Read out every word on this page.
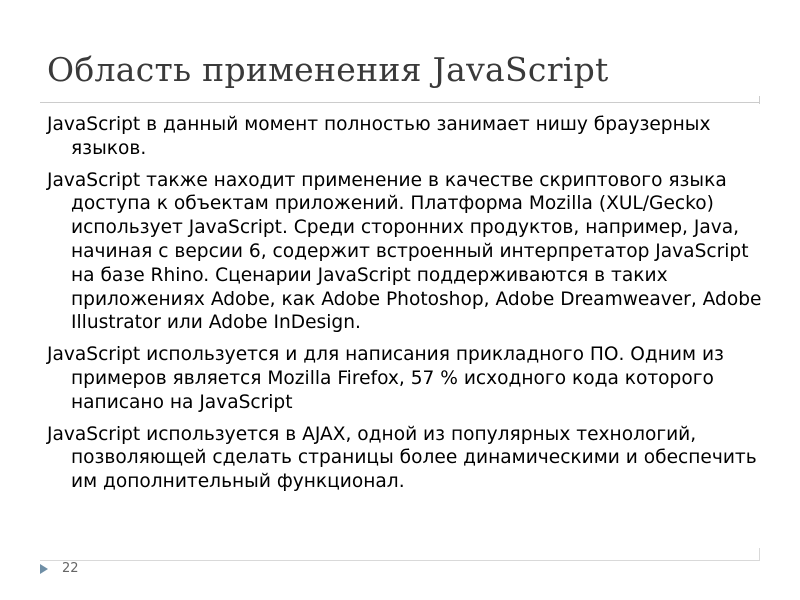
Область применения JavaScript

JavaScript в данный момент полностью занимает нишу браузерных языков.

JavaScript также находит применение в качестве скриптового языка доступа к объектам приложений. Платформа Mozilla (XUL/Gecko) использует JavaScript. Среди сторонних продуктов, например, Java, начиная с версии 6, содержит встроенный интерпретатор JavaScript на базе Rhino. Сценарии JavaScript поддерживаются в таких приложениях Adobe, как Adobe Photoshop, Adobe Dreamweaver, Adobe Illustrator или Adobe InDesign.

JavaScript используется и для написания прикладного ПО. Одним из примеров является Mozilla Firefox, 57 % исходного кода которого написано на JavaScript

JavaScript используется в AJAX, одной из популярных технологий, позволяющей сделать страницы более динамическими и обеспечить им дополнительный функционал.

22
